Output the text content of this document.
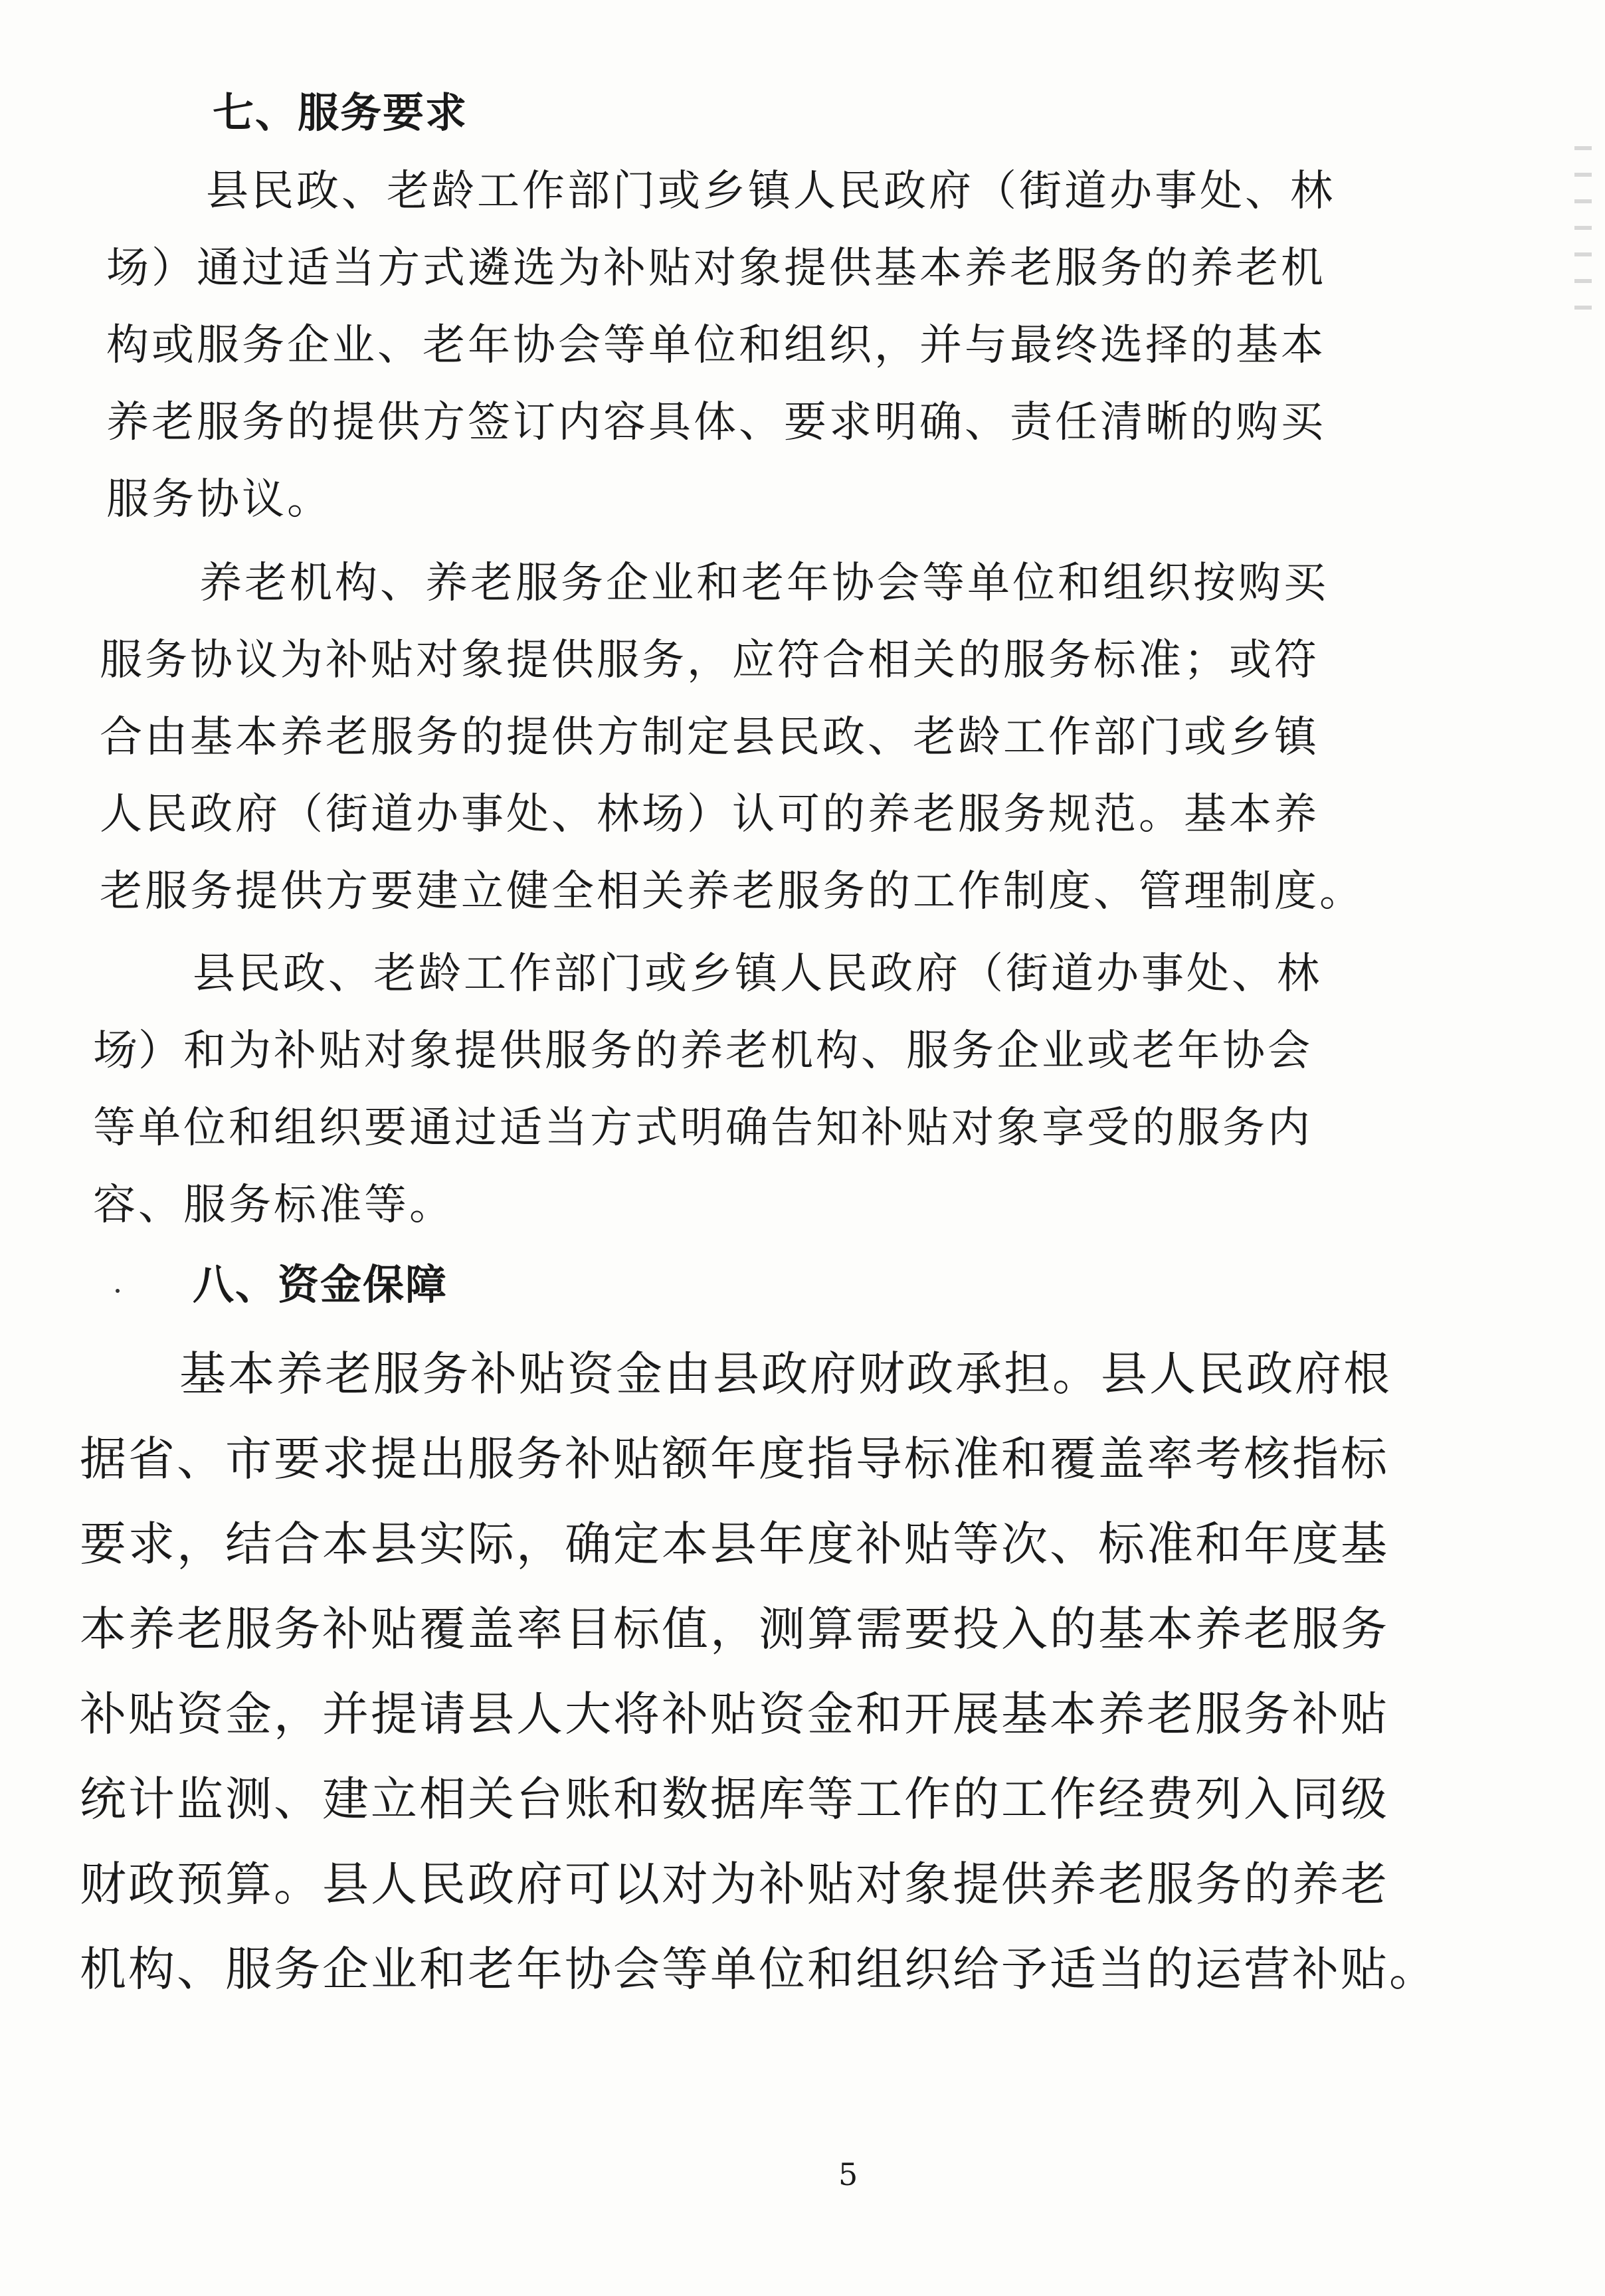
七、服务要求
县民政、老龄工作部门或乡镇人民政府（街道办事处、林
场）通过适当方式遴选为补贴对象提供基本养老服务的养老机
构或服务企业、老年协会等单位和组织，并与最终选择的基本
养老服务的提供方签订内容具体、要求明确、责任清晰的购买
服务协议。
养老机构、养老服务企业和老年协会等单位和组织按购买
服务协议为补贴对象提供服务，应符合相关的服务标准；或符
合由基本养老服务的提供方制定县民政、老龄工作部门或乡镇
人民政府（街道办事处、林场）认可的养老服务规范。基本养
老服务提供方要建立健全相关养老服务的工作制度、管理制度。
县民政、老龄工作部门或乡镇人民政府（街道办事处、林
场）和为补贴对象提供服务的养老机构、服务企业或老年协会
等单位和组织要通过适当方式明确告知补贴对象享受的服务内
容、服务标准等。
八、资金保障
基本养老服务补贴资金由县政府财政承担。县人民政府根
据省、市要求提出服务补贴额年度指导标准和覆盖率考核指标
要求，结合本县实际，确定本县年度补贴等次、标准和年度基
本养老服务补贴覆盖率目标值，测算需要投入的基本养老服务
补贴资金，并提请县人大将补贴资金和开展基本养老服务补贴
统计监测、建立相关台账和数据库等工作的工作经费列入同级
财政预算。县人民政府可以对为补贴对象提供养老服务的养老
机构、服务企业和老年协会等单位和组织给予适当的运营补贴。
5
